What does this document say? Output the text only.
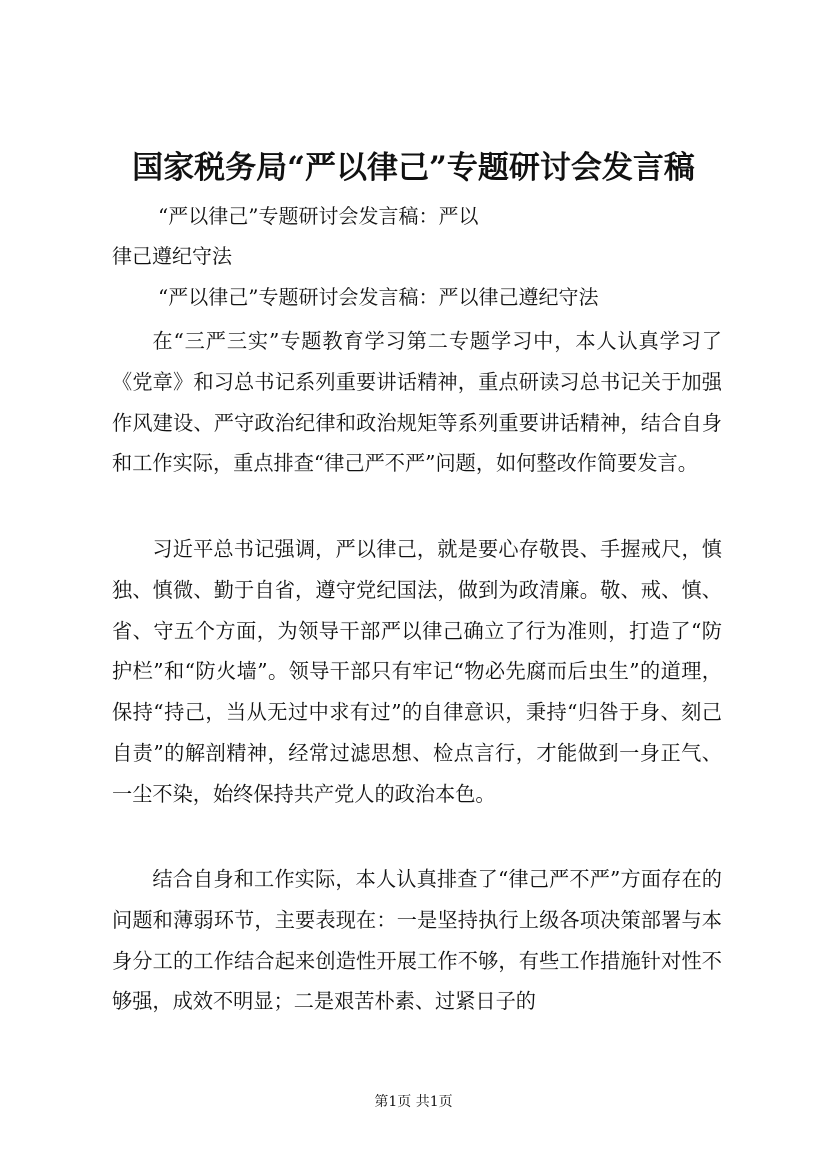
国家税务局“严以律己”专题研讨会发言稿
“严以律己”专题研讨会发言稿：严以
律己遵纪守法
“严以律己”专题研讨会发言稿：严以律己遵纪守法
在“三严三实”专题教育学习第二专题学习中，本人认真学习了《党章》和习总书记系列重要讲话精神，重点研读习总书记关于加强作风建设、严守政治纪律和政治规矩等系列重要讲话精神，结合自身和工作实际，重点排查“律己严不严”问题，如何整改作简要发言。
习近平总书记强调，严以律己，就是要心存敬畏、手握戒尺，慎独、慎微、勤于自省，遵守党纪国法，做到为政清廉。敬、戒、慎、省、守五个方面，为领导干部严以律己确立了行为准则，打造了“防护栏”和“防火墙”。领导干部只有牢记“物必先腐而后虫生”的道理，保持“持己，当从无过中求有过”的自律意识，秉持“归咎于身、刻己自责”的解剖精神，经常过滤思想、检点言行，才能做到一身正气、一尘不染，始终保持共产党人的政治本色。
结合自身和工作实际，本人认真排查了“律己严不严”方面存在的问题和薄弱环节，主要表现在：一是坚持执行上级各项决策部署与本身分工的工作结合起来创造性开展工作不够，有些工作措施针对性不够强，成效不明显；二是艰苦朴素、过紧日子的
第1页 共1页
